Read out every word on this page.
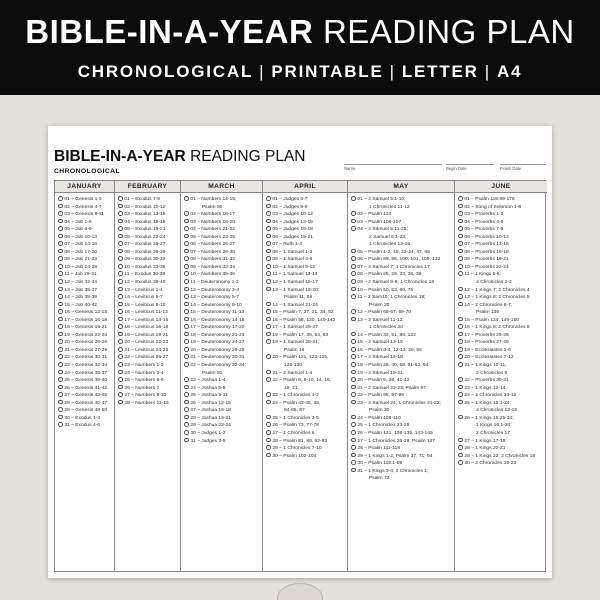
BIBLE-IN-A-YEAR READING PLAN
CHRONOLOGICAL | PRINTABLE | LETTER | A4
BIBLE-IN-A-YEAR READING PLAN
CHRONOLOGICAL	Name	Begin Date	Finish Date
JANUARY
01 – Genesis 1-3
02 – Genesis 4-7
03 – Genesis 8-11
04 – Job 1-5
05 – Job 6-9
06 – Job 10-13
07 – Job 14-16
08 – Job 17-20
09 – Job 21-23
10 – Job 24-28
11 – Job 29-31
12 – Job 32-34
13 – Job 35-37
14 – Job 38-39
15 – Job 40-42
16 – Genesis 12-15
17 – Genesis 16-18
18 – Genesis 19-21
19 – Genesis 22-24
20 – Genesis 25-26
21 – Genesis 27-29
22 – Genesis 30-31
23 – Genesis 32-34
24 – Genesis 35-37
25 – Genesis 38-40
26 – Genesis 41-42
27 – Genesis 43-45
28 – Genesis 46-47
29 – Genesis 48-50
30 – Exodus 1-3
31 – Exodus 4-6
FEBRUARY
01 – Exodus 7-9
02 – Exodus 10-12
03 – Exodus 13-15
04 – Exodus 16-18
05 – Exodus 19-21
06 – Exodus 22-24
07 – Exodus 25-27
08 – Exodus 28-29
09 – Exodus 30-32
10 – Exodus 33-35
11 – Exodus 36-38
12 – Exodus 39-40
13 – Leviticus 1-4
14 – Leviticus 5-7
15 – Leviticus 8-10
16 – Leviticus 11-13
17 – Leviticus 14-15
18 – Leviticus 16-18
19 – Leviticus 19-21
20 – Leviticus 22-23
21 – Leviticus 24-25
22 – Leviticus 26-27
23 – Numbers 1-2
24 – Numbers 3-4
25 – Numbers 5-6
26 – Numbers 7
27 – Numbers 8-10
28 – Numbers 11-13
MARCH
01 – Numbers 14-15;
Psalm 90
02 – Numbers 16-17
03 – Numbers 18-20
04 – Numbers 21-22
05 – Numbers 23-25
06 – Numbers 26-27
07 – Numbers 28-30
08 – Numbers 31-32
09 – Numbers 33-34
10 – Numbers 35-36
11 – Deuteronomy 1-2
12 – Deuteronomy 3-4
13 – Deuteronomy 5-7
14 – Deuteronomy 8-10
15 – Deuteronomy 11-13
16 – Deuteronomy 14-16
17 – Deuteronomy 17-20
18 – Deuteronomy 21-23
19 – Deuteronomy 24-27
20 – Deuteronomy 28-29
21 – Deuteronomy 30-31
22 – Deuteronomy 32-34;
Psalm 91
23 – Joshua 1-4
24 – Joshua 5-8
25 – Joshua 9-11
26 – Joshua 12-15
27 – Joshua 16-18
28 – Joshua 19-21
29 – Joshua 22-24
30 – Judges 1-2
31 – Judges 3-5
APRIL
01 – Judges 6-7
02 – Judges 8-9
03 – Judges 10-12
04 – Judges 13-15
05 – Judges 16-18
06 – Judges 19-21
07 – Ruth 1-4
08 – 1 Samuel 1-3
09 – 1 Samuel 4-8
10 – 1 Samuel 9-12
11 – 1 Samuel 13-14
12 – 1 Samuel 15-17
13 – 1 Samuel 18-20;
Psalm 11, 59
14 – 1 Samuel 21-24
15 – Psalm 7, 27, 31, 34, 52
16 – Psalm 56, 120, 140-142
17 – 1 Samuel 25-27
18 – Psalm 17, 35, 54, 63
19 – 1 Samuel 28-31;
Psalm 18
20 – Psalm 121, 123-125,
128-130
21 – 2 Samuel 1-4
22 – Psalm 6, 8-10, 14, 16,
19, 21
23 – 1 Chronicles 1-2
24 – Psalm 43-45, 49,
84-85, 87
25 – 1 Chronicles 3-5
26 – Psalm 73, 77-78
27 – 1 Chronicles 6
28 – Psalm 81, 88, 92-93
29 – 1 Chronicles 7-10
30 – Psalm 102-104
MAY
01 – 2 Samuel 5:1-10;
1 Chronicles 11-12
02 – Psalm 133
03 – Psalm 106-107
04 – 2 Samuel 5:11-25;
2 Samuel 6:1-23;
1 Chronicles 13-16
05 – Psalm 1-2, 15, 22-24, 47, 68
06 – Psalm 89, 96, 100, 101, 105, 132
07 – 2 Samuel 7; 1 Chronicles 17
08 – Psalm 25, 29, 33, 36, 39
09 – 2 Samuel 8-9; 1 Chronicles 18
10 – Psalm 50, 53, 60, 75
11 – 2 Sam10; 1 Chronicles 19;
Psalm 20
12 – Psalm 65-67, 69-70
13 – 2 Samuel 11-12;
1 Chronicles 20
14 – Psalm 32, 51, 86, 122
15 – 2 Samuel 13-15
16 – Psalm 3-4, 12-13, 28, 55
17 – 2 Samuel 16-18
18 – Psalm 26, 40, 58, 61-62, 64
19 – 2 Samuel 19-21
20 – Psalm 5, 38, 41-42
21 – 2 Samuel 22-23; Psalm 57
22 – Psalm 95, 97-99
23 – 2 Samuel 24; 1 Chronicles 21-22;
Psalm 30
24 – Psalm 108-110
25 – 1 Chronicles 23-25
26 – Psalm 131, 138-139, 143-145
27 – 1 Chronicles 26-29; Psalm 127
28 – Psalm 111-118
29 – 1 Kings 1-2; Psalm 37, 71, 94
30 – Psalm 119:1-88
31 – 1 Kings 3-4; 2 Chronicles 1;
Psalm 72
JUNE
01 – Psalm 119:89-176
02 – Song of Solomon 1-8
03 – Proverbs 1-3
04 – Proverbs 4-6
05 – Proverbs 7-9
06 – Proverbs 10-12
07 – Proverbs 13-15
08 – Proverbs 16-18
09 – Proverbs 19-21
10 – Proverbs 22-24
11 – 1 Kings 5-6;
2 Chronicles 2-3
12 – 1 Kings 7; 2 Chronicles 4
13 – 1 Kings 8; 2 Chronicles 5
14 – 2 Chronicles 6-7;
Psalm 136
15 – Psalm 134, 146-150
16 – 1 Kings 9; 2 Chronicles 8
17 – Proverbs 25-26
18 – Proverbs 27-29
19 – Ecclesiastes 1-6
20 – Ecclesiastes 7-12
21 – 1 Kings 10-11;
2 Chronicles 9
22 – Proverbs 30-31
23 – 1 Kings 12-14
24 – 2 Chronicles 10-12
25 – 1 Kings 15:1-24;
2 Chronicles 13-16
26 – 1 Kings 15:25-34;
1 Kings 16:1-34;
2 Chronicles 17
27 – 1 Kings 17-19
28 – 1 Kings 20-21
29 – 1 Kings 22; 2 Chronicles 18
30 – 2 Chronicles 19-23
